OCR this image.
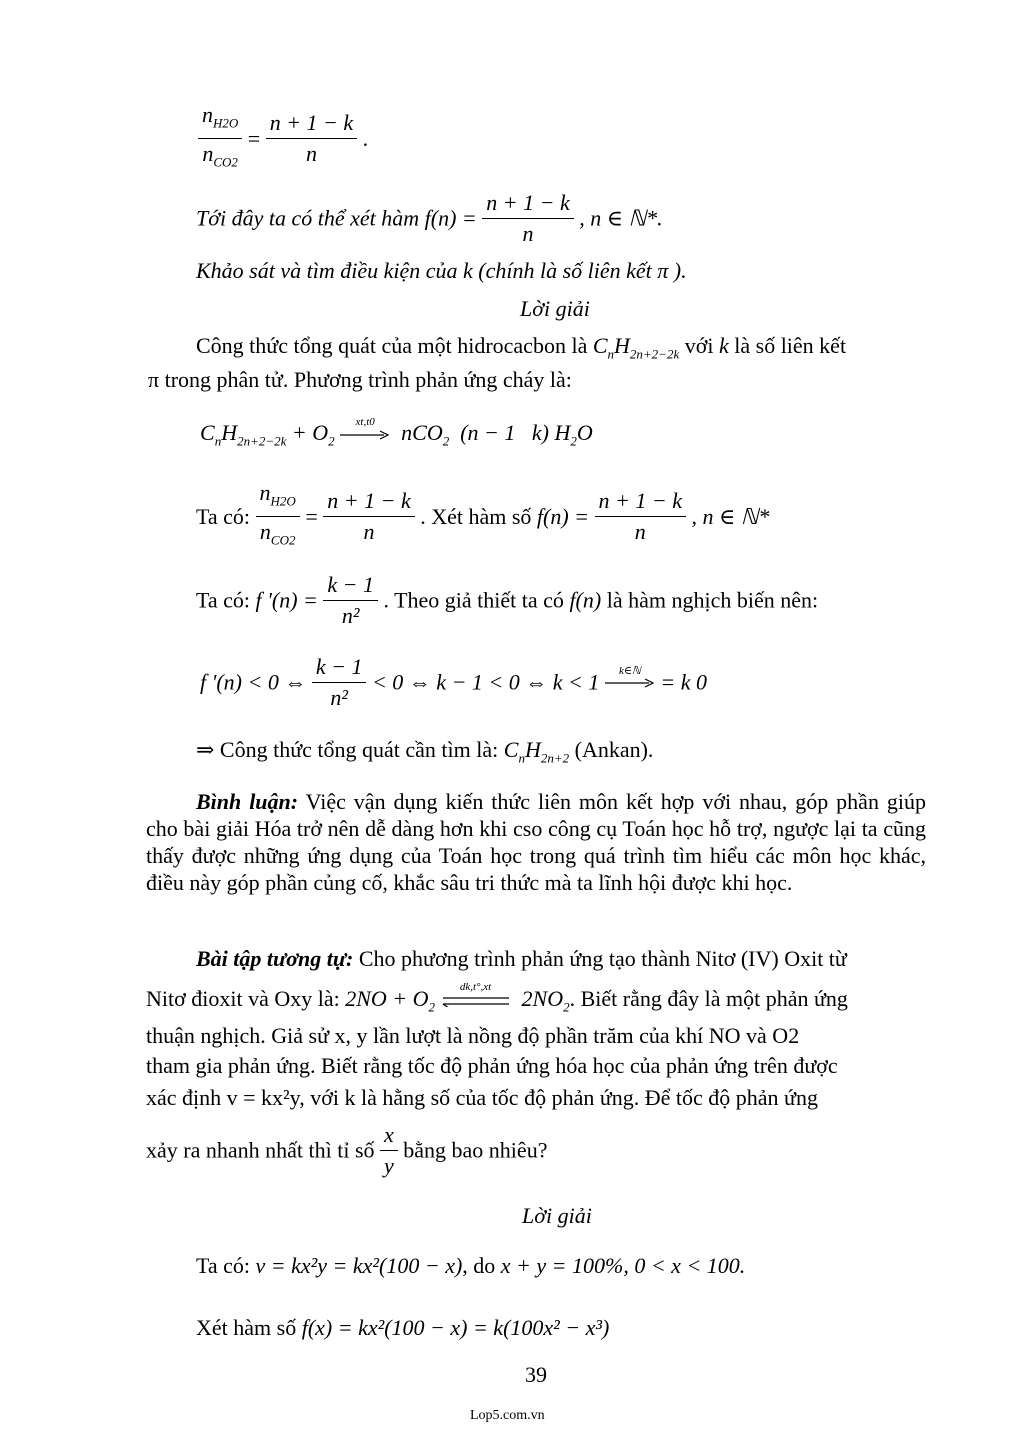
$\frac{n_{H2O}}{n_{CO2}} = \frac{n + 1 - k}{n}$ .
Tới đây ta có thể xét hàm $f(n) = \frac{n + 1 - k}{n}$ , n ∈ ℕ*.
Khảo sát và tìm điều kiện của k (chính là số liên kết π ).
Lời giải
Công thức tổng quát của một hidrocacbon là $C_nH_{2n+2-2k}$ với k là số liên kết
π trong phân tử. Phương trình phản ứng cháy là:
$C_nH_{2n+2-2k} + O_2$
xt,t0 nCO$_2$  (n − 1   k) $H_2O$
Ta có: $\frac{n_{H2O}}{n_{CO2}} = \frac{n + 1 - k}{n}$ . Xét hàm số $f(n) = \frac{n + 1 - k}{n}$ , n ∈ ℕ*
Ta có: f '$(n) = \frac{k - 1}{\text{n²}}$ . Theo giả thiết ta có f(n) là hàm nghịch biến nên:
f '(n) < 0 ⇔ $\frac{k - 1}{\text{n²}} < 0$ ⇔ k − 1 < 0 ⇔ k < 1	k∈ℕ = k 0
⇒ Công thức tổng quát cần tìm là: $C_nH_{2n+2}$ (Ankan).
Bình luận: Việc vận dụng kiến thức liên môn kết hợp với nhau, góp phần giúp cho bài giải Hóa trở nên dễ dàng hơn khi cso công cụ Toán học hỗ trợ, ngược lại ta cũng thấy được những ứng dụng của Toán học trong quá trình tìm hiểu các môn học khác, điều này góp phần củng cố, khắc sâu tri thức mà ta lĩnh hội được khi học.
Bài tập tương tự: Cho phương trình phản ứng tạo thành Nitơ (IV) Oxit từ
Nitơ đioxit và Oxy là: $2NO + O_2$
dk,t°,xt	$2NO_2$. Biết rằng đây là một phản ứng
thuận nghịch. Giả sử x, y lần lượt là nồng độ phần trăm của khí NO và O2
tham gia phản ứng. Biết rằng tốc độ phản ứng hóa học của phản ứng trên được
xác định v = kx²y, với k là hằng số của tốc độ phản ứng. Để tốc độ phản ứng
xảy ra nhanh nhất thì tỉ số $\frac{x}{y}$ bằng bao nhiêu?
Lời giải
Ta có: v = kx²y = kx²(100 − x), do x + y = 100%, 0 < x < 100.
Xét hàm số f(x) = kx²(100 − x) = k(100x² − x³)
39
Lop5.com.vn
